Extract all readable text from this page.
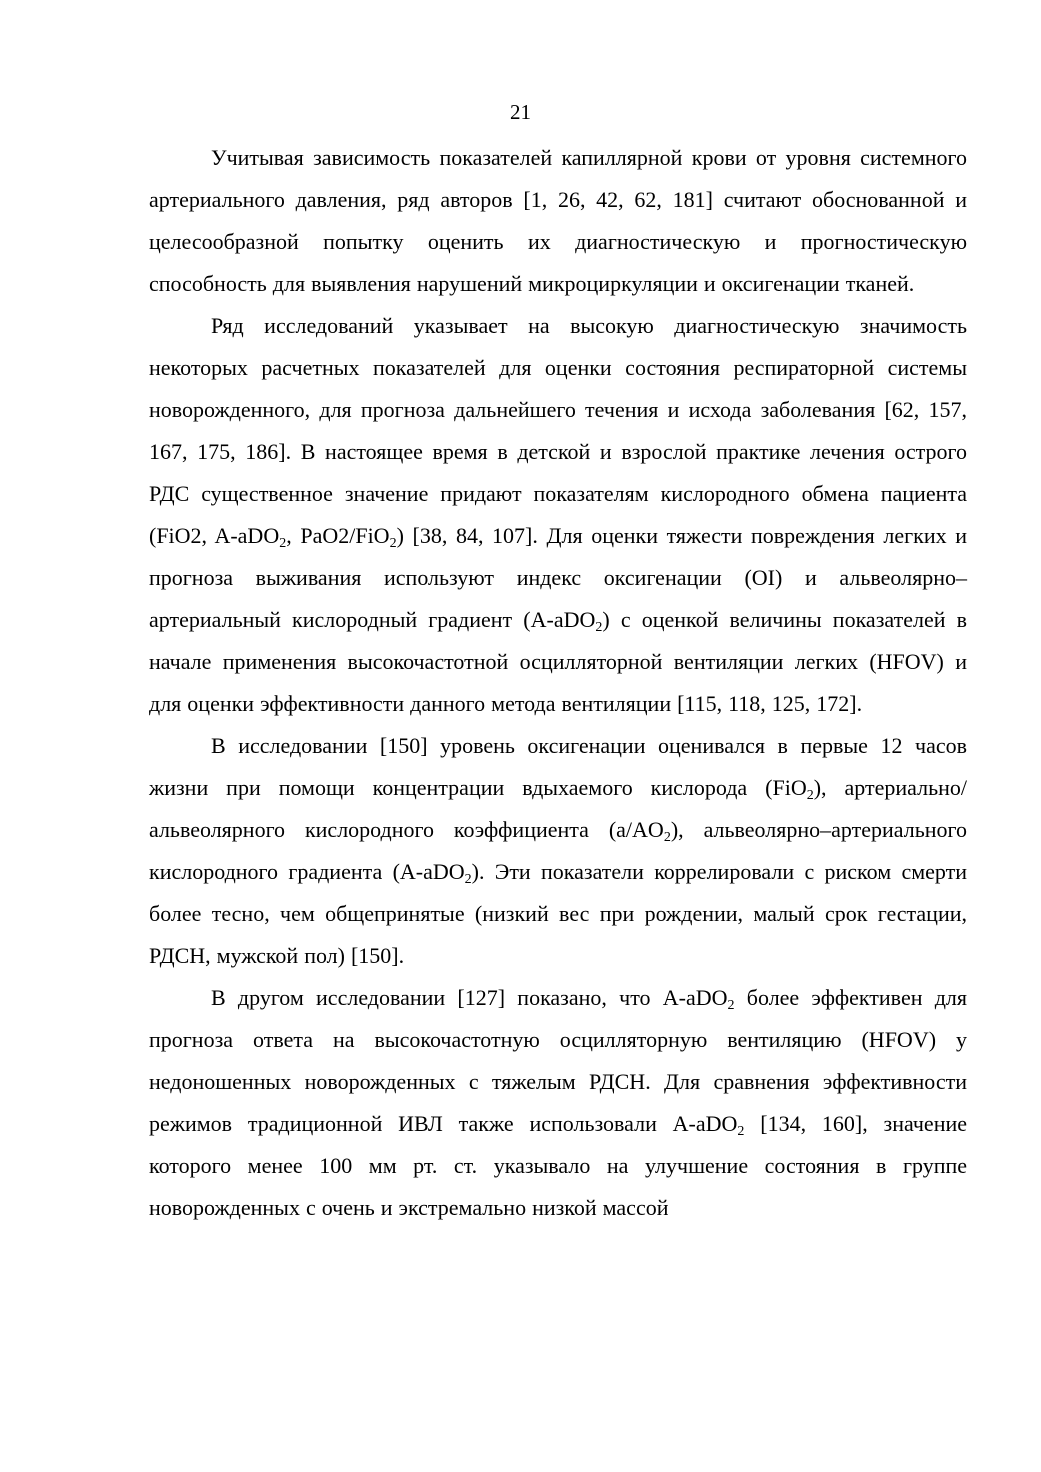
21

Учитывая зависимость показателей капиллярной крови от уровня системного артериального давления, ряд авторов [1, 26, 42, 62, 181] считают обоснованной и целесообразной попытку оценить их диагностическую и прогностическую способность для выявления нарушений микроциркуляции и оксигенации тканей.

Ряд исследований указывает на высокую диагностическую значимость некоторых расчетных показателей для оценки состояния респираторной системы новорожденного, для прогноза дальнейшего течения и исхода заболевания [62, 157, 167, 175, 186]. В настоящее время в детской и взрослой практике лечения острого РДС существенное значение придают показателям кислородного обмена пациента (FiO2, A-aDO$_2$, PaO2/FiO$_2$) [38, 84, 107]. Для оценки тяжести повреждения легких и прогноза выживания используют индекс оксигенации (OI) и альвеолярно–артериальный кислородный градиент (A-aDO$_2$) с оценкой величины показателей в начале применения высокочастотной осцилляторной вентиляции легких (HFOV) и для оценки эффективности данного метода вентиляции [115, 118, 125, 172].

В исследовании [150] уровень оксигенации оценивался в первые 12 часов жизни при помощи концентрации вдыхаемого кислорода (FiO$_2$), артериально/альвеолярного кислородного коэффициента $(a/AO_2)$, альвеолярно–артериального кислородного градиента (A-aDO$_2$). Эти показатели коррелировали с риском смерти более тесно, чем общепринятые (низкий вес при рождении, малый срок гестации, РДСН, мужской пол) [150].

В другом исследовании [127] показано, что A-aDO$_2$ более эффективен для прогноза ответа на высокочастотную осцилляторную вентиляцию (HFOV) у недоношенных новорожденных с тяжелым РДСН. Для сравнения эффективности режимов традиционной ИВЛ также использовали A-aDO$_2$ [134, 160], значение которого менее 100 мм рт. ст. указывало на улучшение состояния в группе новорожденных с очень и экстремально низкой массой
